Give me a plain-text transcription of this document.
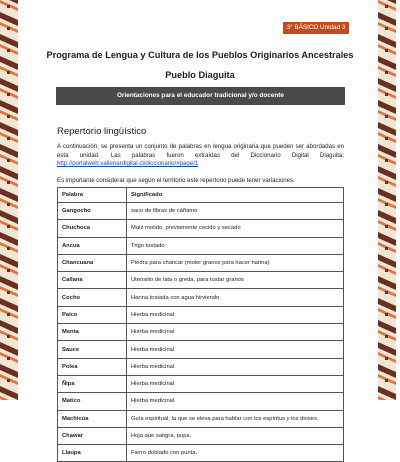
3° BÁSICO Unidad 3
Programa de Lengua y Cultura de los Pueblos Originarios Ancestrales
Pueblo Diaguita
Orientaciones para el educador tradicional y/o docente
Repertorio lingüístico
A continuación, se presenta un conjunto de palabras en lengua originaria que pueden ser abordadas en esta unidad. Las palabras fueron extraídas del Diccionario Digital Diaguita: http://portalweb.vallenardigital.cl/diccionario/#page/1
Es importante considerar que según el territorio este repertorio puede tener variaciones.
Palabra	Significado
Gangocho	saco de fibras de cáñamo
Chuchoca	Maíz molido, previamente cocido y secado
Ancua	Trigo tostado
Chancuana	Piedra para chancar (moler granos para hacer harina)
Callana	Utensilio de lata o greda, para tostar granos
Cocho	Harina tostada con agua hirviendo
Paico	Hierba medicinal
Menta	Hierba medicinal
Sauce	Hierba medicinal
Polea	Hierba medicinal
Ñipa	Hierba medicinal
Matico	Hierba medicinal
Machicúa	Guía espiritual, la que se eleva para hablar con los espíritus y los dioses.
Chawar	Hoja que sangra, pupa.
Llaupa	Fierro doblado con punta.
